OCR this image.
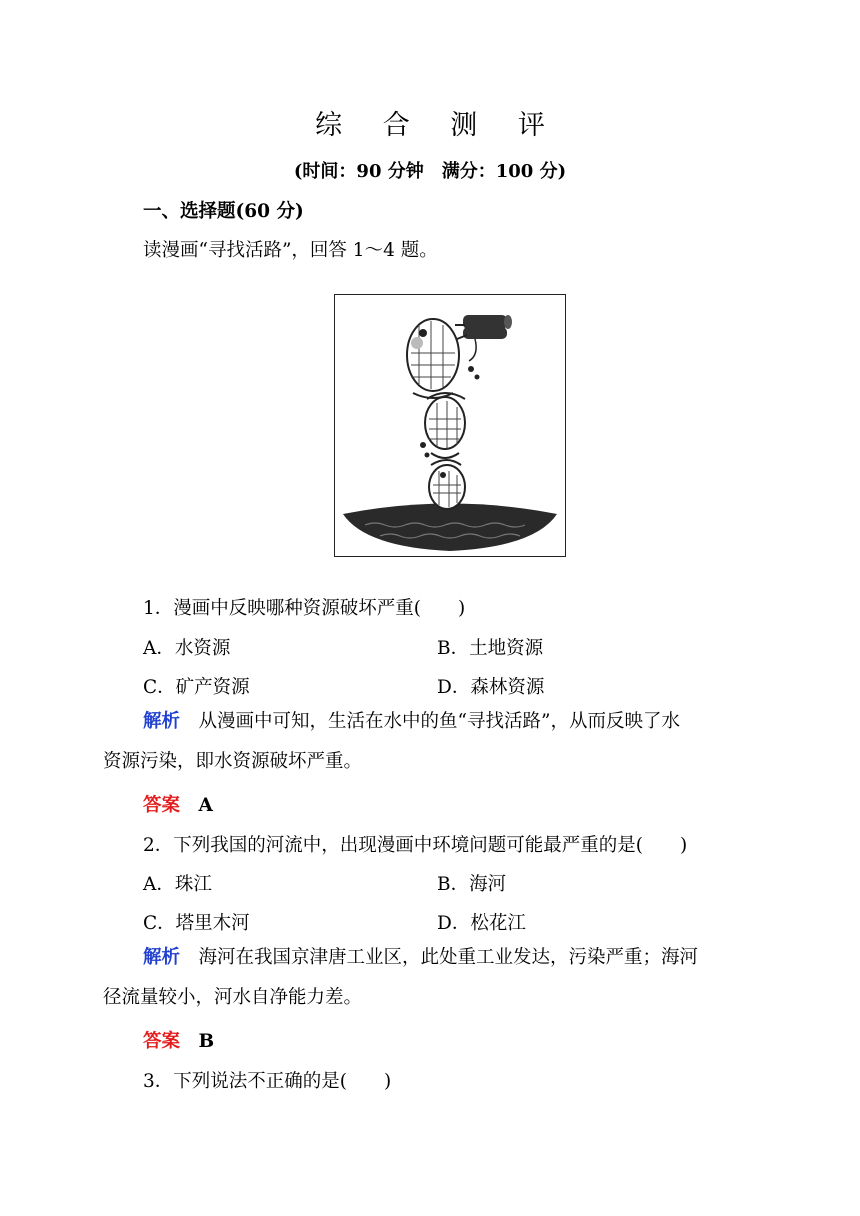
综 合 测 评
(时间：90 分钟　满分：100 分)
一、选择题(60 分)
读漫画“寻找活路”，回答 1～4 题。
1．漫画中反映哪种资源破坏严重(　　)
A．水资源	B．土地资源
C．矿产资源	D．森林资源
解析　 从漫画中可知，生活在水中的鱼“寻找活路”，从而反映了水
资源污染，即水资源破坏严重。
答案　 A
2．下列我国的河流中，出现漫画中环境问题可能最严重的是(　　)
A．珠江	B．海河
C．塔里木河	D．松花江
解析　 海河在我国京津唐工业区，此处重工业发达，污染严重；海河
径流量较小，河水自净能力差。
答案　 B
3．下列说法不正确的是(　　)
